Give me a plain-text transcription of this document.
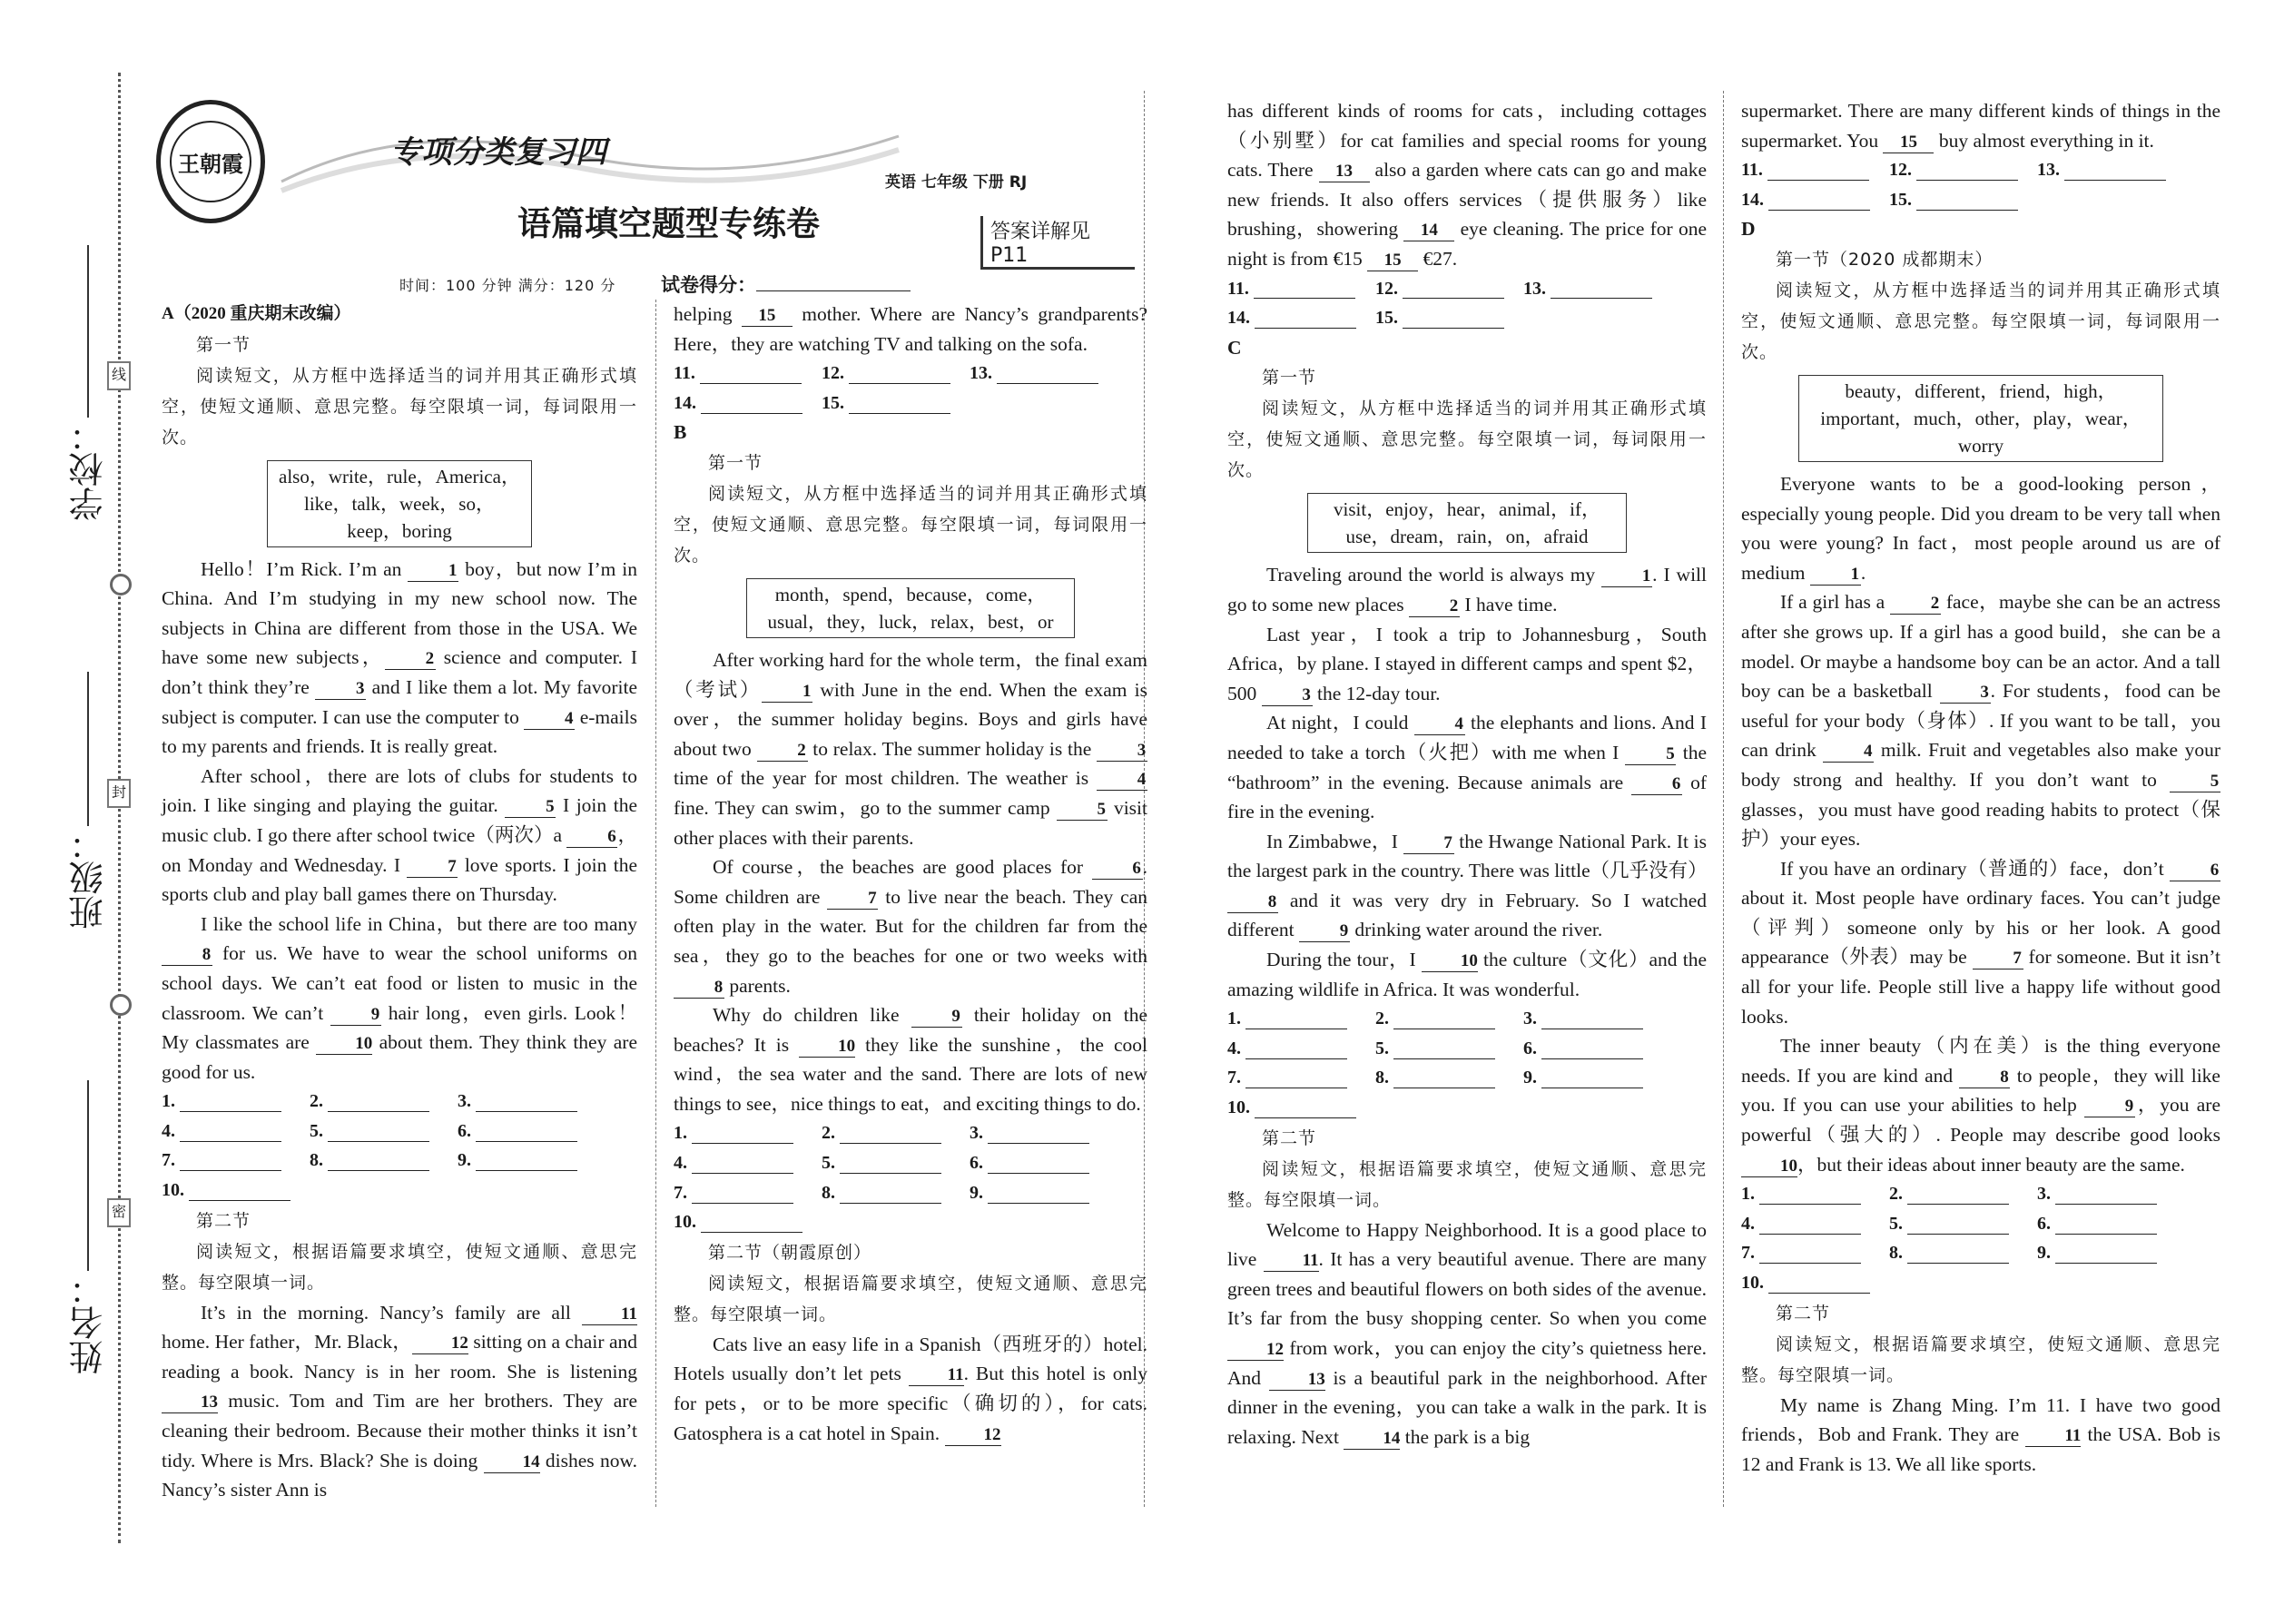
学校：
班级：
姓名：
线
封
密
王朝霞	专项分类复习四
语篇填空题型专练卷
英语 七年级 下册 RJ
答案详解见 P11
时间：100 分钟 满分：120 分 试卷得分：

A（2020 重庆期末改编）

第一节

阅读短文，从方框中选择适当的词并用其正确形式填空，使短文通顺、意思完整。每空限填一词，每词限用一次。

also，write，rule，America，like，talk，week，so，keep，boring

Hello！I’m Rick. I’m an 1 boy，but now I’m in China. And I’m studying in my new school now. The subjects in China are different from those in the USA. We have some new subjects， 2 science and computer. I don’t think they’re 3 and I like them a lot. My favorite subject is computer. I can use the computer to 4 e-mails to my parents and friends. It is really great.

After school，there are lots of clubs for students to join. I like singing and playing the guitar. 5 I join the music club. I go there after school twice（两次）a 6，on Monday and Wednesday. I 7 love sports. I join the sports club and play ball games there on Thursday.

I like the school life in China，but there are too many 8 for us. We have to wear the school uniforms on school days. We can’t eat food or listen to music in the classroom. We can’t 9 hair long，even girls. Look！My classmates are 10 about them. They think they are good for us.

1.	2.	3.
4.	5.	6.
7.	8.	9.
10.

第二节

阅读短文，根据语篇要求填空，使短文通顺、意思完整。每空限填一词。

It’s in the morning. Nancy’s family are all 11 home. Her father，Mr. Black， 12 sitting on a chair and reading a book. Nancy is in her room. She is listening 13 music. Tom and Tim are her brothers. They are cleaning their bedroom. Because their mother thinks it isn’t tidy. Where is Mrs. Black? She is doing 14 dishes now. Nancy’s sister Ann is

helping 15 mother. Where are Nancy’s grandparents? Here，they are watching TV and talking on the sofa.

11.	12.	13.
14.	15.

B

第一节

阅读短文，从方框中选择适当的词并用其正确形式填空，使短文通顺、意思完整。每空限填一词，每词限用一次。

month，spend，because，come，usual，they，luck，relax，best，or

After working hard for the whole term，the final exam（考试） 1 with June in the end. When the exam is over，the summer holiday begins. Boys and girls have about two 2 to relax. The summer holiday is the 3 time of the year for most children. The weather is 4 fine. They can swim，go to the summer camp 5 visit other places with their parents.

Of course，the beaches are good places for 6. Some children are 7 to live near the beach. They can often play in the water. But for the children far from the sea，they go to the beaches for one or two weeks with 8 parents.

Why do children like 9 their holiday on the beaches? It is 10 they like the sunshine，the cool wind，the sea water and the sand. There are lots of new things to see，nice things to eat，and exciting things to do.

1.	2.	3.
4.	5.	6.
7.	8.	9.
10.

第二节（朝霞原创）

阅读短文，根据语篇要求填空，使短文通顺、意思完整。每空限填一词。

Cats live an easy life in a Spanish（西班牙的）hotel. Hotels usually don’t let pets 11. But this hotel is only for pets，or to be more specific（确切的），for cats. Gatosphera is a cat hotel in Spain. 12

has different kinds of rooms for cats，including cottages（小别墅）for cat families and special rooms for young cats. There 13 also a garden where cats can go and make new friends. It also offers services（提供服务）like brushing，showering 14 eye cleaning. The price for one night is from €15 15 €27.

11.	12.	13.
14.	15.

C

第一节

阅读短文，从方框中选择适当的词并用其正确形式填空，使短文通顺、意思完整。每空限填一词，每词限用一次。

visit，enjoy，hear，animal，if，use，dream，rain，on，afraid

Traveling around the world is always my 1. I will go to some new places 2 I have time.

Last year，I took a trip to Johannesburg，South Africa，by plane. I stayed in different camps and spent $2，500 3 the 12-day tour.

At night，I could 4 the elephants and lions. And I needed to take a torch（火把）with me when I 5 the “bathroom” in the evening. Because animals are 6 of fire in the evening.

In Zimbabwe，I 7 the Hwange National Park. It is the largest park in the country. There was little（几乎没有）8 and it was very dry in February. So I watched different 9 drinking water around the river.

During the tour，I 10 the culture（文化）and the amazing wildlife in Africa. It was wonderful.

1.	2.	3.
4.	5.	6.
7.	8.	9.
10.

第二节

阅读短文，根据语篇要求填空，使短文通顺、意思完整。每空限填一词。

Welcome to Happy Neighborhood. It is a good place to live 11. It has a very beautiful avenue. There are many green trees and beautiful flowers on both sides of the avenue. It’s far from the busy shopping center. So when you come 12 from work，you can enjoy the city’s quietness here. And 13 is a beautiful park in the neighborhood. After dinner in the evening，you can take a walk in the park. It is relaxing. Next 14 the park is a big

supermarket. There are many different kinds of things in the supermarket. You 15 buy almost everything in it.

11.	12.	13.
14.	15.

D

第一节（2020 成都期末）

阅读短文，从方框中选择适当的词并用其正确形式填空，使短文通顺、意思完整。每空限填一词，每词限用一次。

beauty，different，friend，high，important，much，other，play，wear，worry

Everyone wants to be a good-looking person，especially young people. Did you dream to be very tall when you were young? In fact，most people around us are of medium 1.

If a girl has a 2 face，maybe she can be an actress after she grows up. If a girl has a good build，she can be a model. Or maybe a handsome boy can be an actor. And a tall boy can be a basketball 3. For students，food can be useful for your body（身体）. If you want to be tall，you can drink 4 milk. Fruit and vegetables also make your body strong and healthy. If you don’t want to 5 glasses，you must have good reading habits to protect（保护）your eyes.

If you have an ordinary（普通的）face，don’t 6 about it. Most people have ordinary faces. You can’t judge（评判）someone only by his or her look. A good appearance（外表）may be 7 for someone. But it isn’t all for your life. People still live a happy life without good looks.

The inner beauty（内在美）is the thing everyone needs. If you are kind and 8 to people，they will like you. If you can use your abilities to help 9，you are powerful（强大的）. People may describe good looks 10，but their ideas about inner beauty are the same.

1.	2.	3.
4.	5.	6.
7.	8.	9.
10.

第二节

阅读短文，根据语篇要求填空，使短文通顺、意思完整。每空限填一词。

My name is Zhang Ming. I’m 11. I have two good friends，Bob and Frank. They are 11 the USA. Bob is 12 and Frank is 13. We all like sports.
